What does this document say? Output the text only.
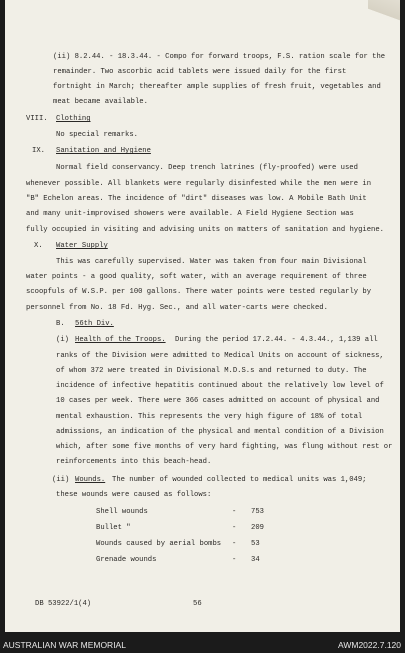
(ii) 8.2.44. - 18.3.44. - Compo for forward troops, F.S. ration scale for the

remainder. Two ascorbic acid tablets were issued daily for the first

fortnight in March; thereafter ample supplies of fresh fruit, vegetables and

meat became available.

VIII. Clothing

No special remarks.

IX. Sanitation and Hygiene

Normal field conservancy. Deep trench latrines (fly-proofed) were used

whenever possible. All blankets were regularly disinfested while the men were in

"B" Echelon areas. The incidence of "dirt" diseases was low. A Mobile Bath Unit

and many unit-improvised showers were available. A Field Hygiene Section was

fully occupied in visiting and advising units on matters of sanitation and hygiene.

X. Water Supply

This was carefully supervised. Water was taken from four main Divisional

water points - a good quality, soft water, with an average requirement of three

scoopfuls of W.S.P. per 100 gallons. There water points were tested regularly by

personnel from No. 18 Fd. Hyg. Sec., and all water-carts were checked.

B. 56th Div.

(i) Health of the Troops. During the period 17.2.44. - 4.3.44., 1,139 all

ranks of the Division were admitted to Medical Units on account of sickness,

of whom 372 were treated in Divisional M.D.S.s and returned to duty. The

incidence of infective hepatitis continued about the relatively low level of

10 cases per week. There were 366 cases admitted on account of physical and

mental exhaustion. This represents the very high figure of 18% of total

admissions, an indication of the physical and mental condition of a Division

which, after some five months of very hard fighting, was flung without rest or

reinforcements into this beach-head.

(ii) Wounds. The number of wounded collected to medical units was 1,049;

these wounds were caused as follows:

Shell wounds	- 753
Bullet "	- 209
Wounds caused by aerial bombs - 53
Grenade wounds	- 34

DB 53922/1(4)	56

AUSTRALIAN WAR MEMORIAL	AWM2022.7.120
